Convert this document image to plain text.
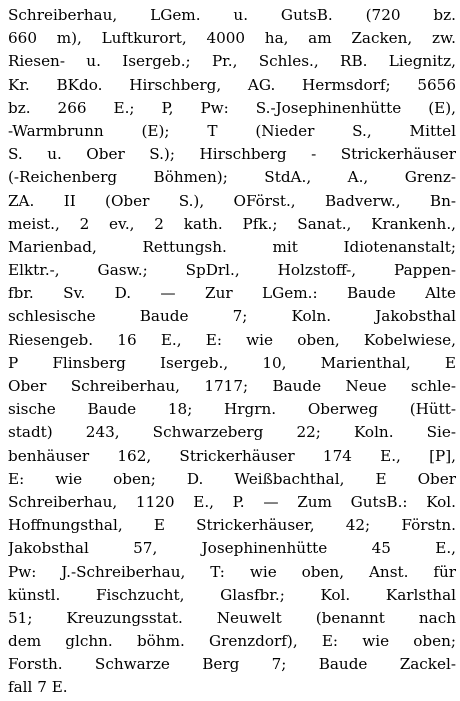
Schreiberhau, LGem. u. GutsB. (720 bz.
660 m), Luftkurort, 4000 ha, am Zacken, zw.
Riesen- u. Isergeb.; Pr., Schles., RB. Liegnitz,
Kr. BKdo. Hirschberg, AG. Hermsdorf; 5656
bz. 266 E.; P, Pw: S.-Josephinenhütte (E),
-Warmbrunn (E); T (Nieder S., Mittel
S. u. Ober S.); Hirschberg - Strickerhäuser
(-Reichenberg Böhmen); StdA., A., Grenz-
ZA. II (Ober S.), OFörst., Badverw., Bn-
meist., 2 ev., 2 kath. Pfk.; Sanat., Krankenh.,
Marienbad, Rettungsh. mit Idiotenanstalt;
Elktr.-, Gasw.; SpDrl., Holzstoff-, Pappen-
fbr. Sv. D. — Zur LGem.: Baude Alte
schlesische Baude 7; Koln. Jakobsthal
Riesengeb. 16 E., E: wie oben, Kobelwiese,
P Flinsberg Isergeb., 10, Marienthal, E
Ober Schreiberhau, 1717; Baude Neue schle-
sische Baude 18; Hrgrn. Oberweg (Hütt-
stadt) 243, Schwarzeberg 22; Koln. Sie-
benhäuser 162, Strickerhäuser 174 E., [P],
E: wie oben; D. Weißbachthal, E Ober
Schreiberhau, 1120 E., P. — Zum GutsB.: Kol.
Hoffnungsthal, E Strickerhäuser, 42; Förstn.
Jakobsthal 57, Josephinenhütte 45 E.,
Pw: J.-Schreiberhau, T: wie oben, Anst. für
künstl. Fischzucht, Glasfbr.; Kol. Karlsthal
51; Kreuzungsstat. Neuwelt (benannt nach
dem glchn. böhm. Grenzdorf), E: wie oben;
Forsth. Schwarze Berg 7; Baude Zackel-
fall 7 E.
